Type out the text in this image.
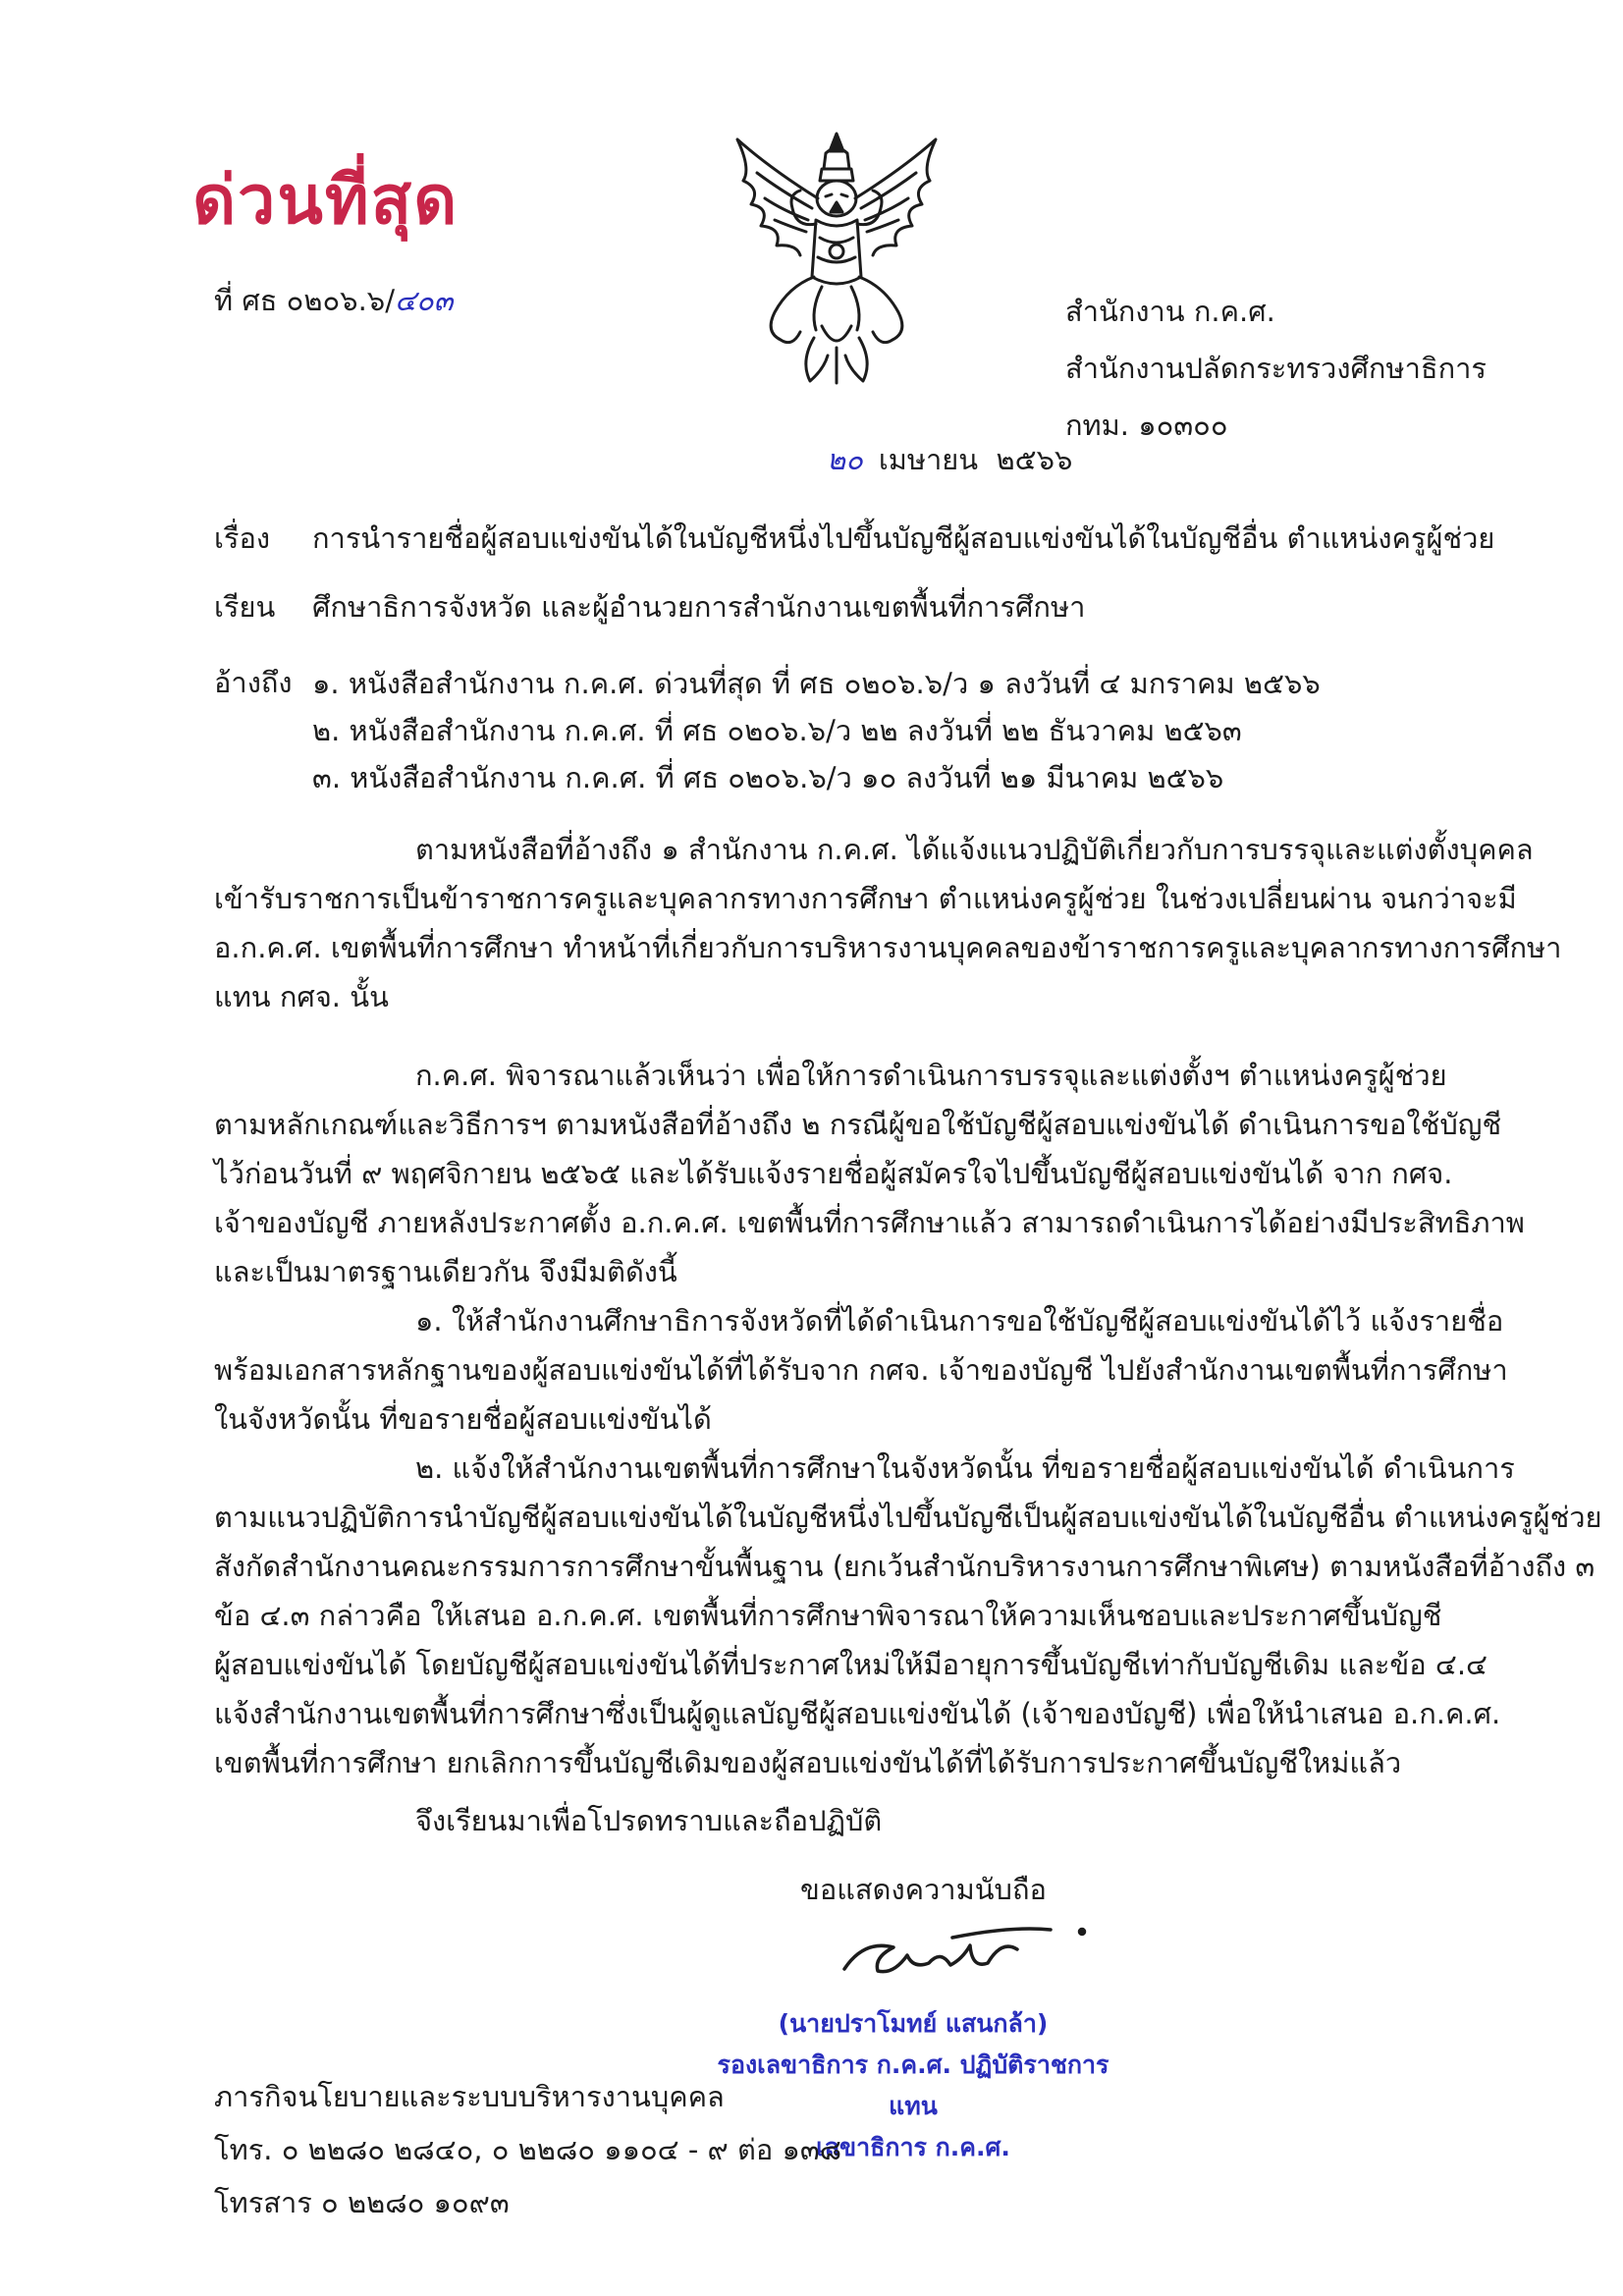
ด่วนที่สุด
ที่ ศธ ๐๒๐๖.๖/๔๐๓	สำนักงาน ก.ค.ศ.
สำนักงานปลัดกระทรวงศึกษาธิการ
กทม. ๑๐๓๐๐
๒๐ เมษายน  ๒๕๖๖
เรื่อง การนำรายชื่อผู้สอบแข่งขันได้ในบัญชีหนึ่งไปขึ้นบัญชีผู้สอบแข่งขันได้ในบัญชีอื่น ตำแหน่งครูผู้ช่วย
เรียน ศึกษาธิการจังหวัด และผู้อำนวยการสำนักงานเขตพื้นที่การศึกษา
อ้างถึง ๑. หนังสือสำนักงาน ก.ค.ศ. ด่วนที่สุด ที่ ศธ ๐๒๐๖.๖/ว ๑ ลงวันที่ ๔ มกราคม ๒๕๖๖
๒. หนังสือสำนักงาน ก.ค.ศ. ที่ ศธ ๐๒๐๖.๖/ว ๒๒ ลงวันที่ ๒๒ ธันวาคม ๒๕๖๓
๓. หนังสือสำนักงาน ก.ค.ศ. ที่ ศธ ๐๒๐๖.๖/ว ๑๐ ลงวันที่ ๒๑ มีนาคม ๒๕๖๖

ตามหนังสือที่อ้างถึง ๑ สำนักงาน ก.ค.ศ. ได้แจ้งแนวปฏิบัติเกี่ยวกับการบรรจุและแต่งตั้งบุคคล

เข้ารับราชการเป็นข้าราชการครูและบุคลากรทางการศึกษา ตำแหน่งครูผู้ช่วย ในช่วงเปลี่ยนผ่าน จนกว่าจะมี

อ.ก.ค.ศ. เขตพื้นที่การศึกษา ทำหน้าที่เกี่ยวกับการบริหารงานบุคคลของข้าราชการครูและบุคลากรทางการศึกษา

แทน กศจ. นั้น

ก.ค.ศ. พิจารณาแล้วเห็นว่า เพื่อให้การดำเนินการบรรจุและแต่งตั้งฯ ตำแหน่งครูผู้ช่วย

ตามหลักเกณฑ์และวิธีการฯ ตามหนังสือที่อ้างถึง ๒ กรณีผู้ขอใช้บัญชีผู้สอบแข่งขันได้ ดำเนินการขอใช้บัญชี

ไว้ก่อนวันที่ ๙ พฤศจิกายน ๒๕๖๕ และได้รับแจ้งรายชื่อผู้สมัครใจไปขึ้นบัญชีผู้สอบแข่งขันได้ จาก กศจ.

เจ้าของบัญชี ภายหลังประกาศตั้ง อ.ก.ค.ศ. เขตพื้นที่การศึกษาแล้ว สามารถดำเนินการได้อย่างมีประสิทธิภาพ

และเป็นมาตรฐานเดียวกัน จึงมีมติดังนี้

๑. ให้สำนักงานศึกษาธิการจังหวัดที่ได้ดำเนินการขอใช้บัญชีผู้สอบแข่งขันได้ไว้ แจ้งรายชื่อ

พร้อมเอกสารหลักฐานของผู้สอบแข่งขันได้ที่ได้รับจาก กศจ. เจ้าของบัญชี ไปยังสำนักงานเขตพื้นที่การศึกษา

ในจังหวัดนั้น ที่ขอรายชื่อผู้สอบแข่งขันได้

๒. แจ้งให้สำนักงานเขตพื้นที่การศึกษาในจังหวัดนั้น ที่ขอรายชื่อผู้สอบแข่งขันได้ ดำเนินการ

ตามแนวปฏิบัติการนำบัญชีผู้สอบแข่งขันได้ในบัญชีหนึ่งไปขึ้นบัญชีเป็นผู้สอบแข่งขันได้ในบัญชีอื่น ตำแหน่งครูผู้ช่วย

สังกัดสำนักงานคณะกรรมการการศึกษาขั้นพื้นฐาน (ยกเว้นสำนักบริหารงานการศึกษาพิเศษ) ตามหนังสือที่อ้างถึง ๓

ข้อ ๔.๓ กล่าวคือ ให้เสนอ อ.ก.ค.ศ. เขตพื้นที่การศึกษาพิจารณาให้ความเห็นชอบและประกาศขึ้นบัญชี

ผู้สอบแข่งขันได้ โดยบัญชีผู้สอบแข่งขันได้ที่ประกาศใหม่ให้มีอายุการขึ้นบัญชีเท่ากับบัญชีเดิม และข้อ ๔.๔

แจ้งสำนักงานเขตพื้นที่การศึกษาซึ่งเป็นผู้ดูแลบัญชีผู้สอบแข่งขันได้ (เจ้าของบัญชี) เพื่อให้นำเสนอ อ.ก.ค.ศ.

เขตพื้นที่การศึกษา ยกเลิกการขึ้นบัญชีเดิมของผู้สอบแข่งขันได้ที่ได้รับการประกาศขึ้นบัญชีใหม่แล้ว

จึงเรียนมาเพื่อโปรดทราบและถือปฏิบัติ
ขอแสดงความนับถือ
(นายปราโมทย์ แสนกล้า)
รองเลขาธิการ ก.ค.ศ. ปฏิบัติราชการแทน
เลขาธิการ ก.ค.ศ.
ภารกิจนโยบายและระบบบริหารงานบุคคล
โทร. ๐ ๒๒๘๐ ๒๘๔๐, ๐ ๒๒๘๐ ๑๑๐๔ - ๙ ต่อ ๑๓๘
โทรสาร ๐ ๒๒๘๐ ๑๐๙๓
